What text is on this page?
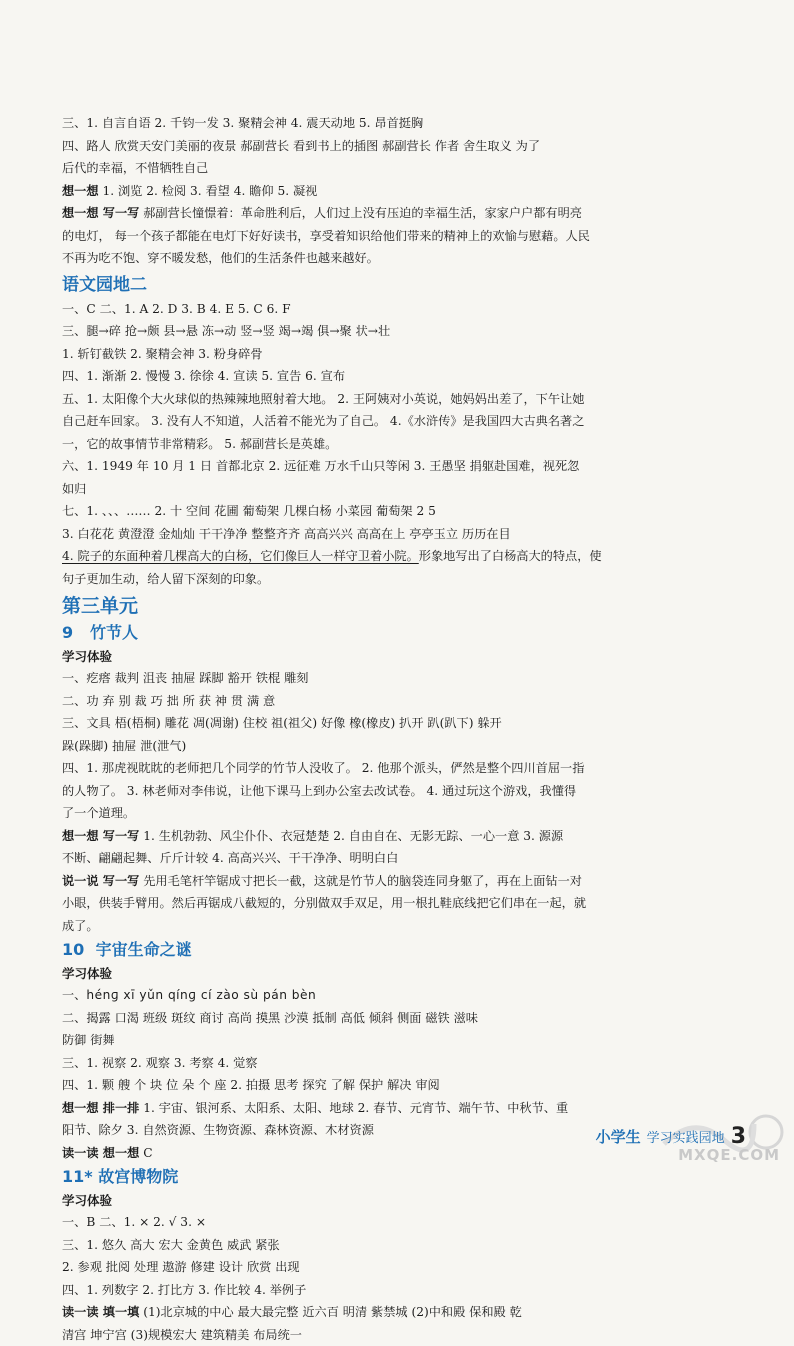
三、1. 自言自语 2. 千钧一发 3. 聚精会神 4. 震天动地 5. 昂首挺胸
四、路人 欣赏天安门美丽的夜景 郝副营长 看到书上的插图 郝副营长 作者 舍生取义 为了
后代的幸福，不惜牺牲自己
想一想 1. 浏览 2. 检阅 3. 看望 4. 瞻仰 5. 凝视
想一想 写一写 郝副营长憧憬着：革命胜利后，人们过上没有压迫的幸福生活，家家户户都有明亮
的电灯， 每一个孩子都能在电灯下好好读书，享受着知识给他们带来的精神上的欢愉与慰藉。人民
不再为吃不饱、穿不暖发愁，他们的生活条件也越来越好。
语文园地二
一、C 二、1. A 2. D 3. B 4. E 5. C 6. F
三、腿→碎 抢→颇 县→悬 冻→动 竖→竖 竭→竭 俱→聚 状→壮
1. 斩钉截铁 2. 聚精会神 3. 粉身碎骨
四、1. 渐渐 2. 慢慢 3. 徐徐 4. 宣读 5. 宣告 6. 宣布
五、1. 太阳像个大火球似的热辣辣地照射着大地。 2. 王阿姨对小英说，她妈妈出差了，下午让她
自己赶车回家。 3. 没有人不知道，人活着不能光为了自己。 4.《水浒传》是我国四大古典名著之
一，它的故事情节非常精彩。 5. 郝副营长是英雄。
六、1. 1949 年 10 月 1 日 首都北京 2. 远征难 万水千山只等闲 3. 王愚坚 捐躯赴国难，视死忽
如归
七、1. 、、、…… 2. 十 空间 花圃 葡萄架 几棵白杨 小菜园 葡萄架 2 5
3. 白花花 黄澄澄 金灿灿 干干净净 整整齐齐 高高兴兴 高高在上 亭亭玉立 历历在目
4. 院子的东面种着几棵高大的白杨，它们像巨人一样守卫着小院。形象地写出了白杨高大的特点，使
句子更加生动，给人留下深刻的印象。
第三单元
9 竹节人
学习体验
一、疙瘩 裁判 沮丧 抽屉 踩脚 豁开 铁棍 雕刻
二、功 弃 别 裁 巧 拙 所 获 神 贯 满 意
三、文具 梧(梧桐) 雕花 凋(凋谢) 住校 祖(祖父) 好像 橡(橡皮) 扒开 趴(趴下) 躲开
跺(跺脚) 抽屉 泄(泄气)
四、1. 那虎视眈眈的老师把几个同学的竹节人没收了。 2. 他那个派头，俨然是整个四川首屈一指
的人物了。 3. 林老师对李伟说，让他下课马上到办公室去改试卷。 4. 通过玩这个游戏，我懂得
了一个道理。
想一想 写一写 1. 生机勃勃、风尘仆仆、衣冠楚楚 2. 自由自在、无影无踪、一心一意 3. 源源
不断、翩翩起舞、斤斤计较 4. 高高兴兴、干干净净、明明白白
说一说 写一写 先用毛笔杆竿锯成寸把长一截，这就是竹节人的脑袋连同身躯了，再在上面钻一对
小眼，供装手臂用。然后再锯成八截短的，分别做双手双足，用一根扎鞋底线把它们串在一起，就
成了。
10 宇宙生命之谜
学习体验
一、hénɡ xī yǔn qínɡ cí zào sù pán bèn
二、揭露 口渴 班级 斑纹 商讨 高尚 摸黑 沙漠 抵制 高低 倾斜 侧面 磁铁 滋味
防御 街舞
三、1. 视察 2. 观察 3. 考察 4. 觉察
四、1. 颗 艘 个 块 位 朵 个 座 2. 拍摄 思考 探究 了解 保护 解决 审阅
想一想 排一排 1. 宇宙、银河系、太阳系、太阳、地球 2. 春节、元宵节、端午节、中秋节、重
阳节、除夕 3. 自然资源、生物资源、森林资源、木材资源
读一读 想一想 C
11* 故宫博物院
学习体验
一、B 二、1. × 2. √ 3. ×
三、1. 悠久 高大 宏大 金黄色 威武 紧张
2. 参观 批阅 处理 遨游 修建 设计 欣赏 出现
四、1. 列数字 2. 打比方 3. 作比较 4. 举例子
读一读 填一填 (1)北京城的中心 最大最完整 近六百 明清 紫禁城 (2)中和殿 保和殿 乾
清宫 坤宁宫 (3)规模宏大 建筑精美 布局统一
小学生 学习实践园地 3
MXQE.COM
